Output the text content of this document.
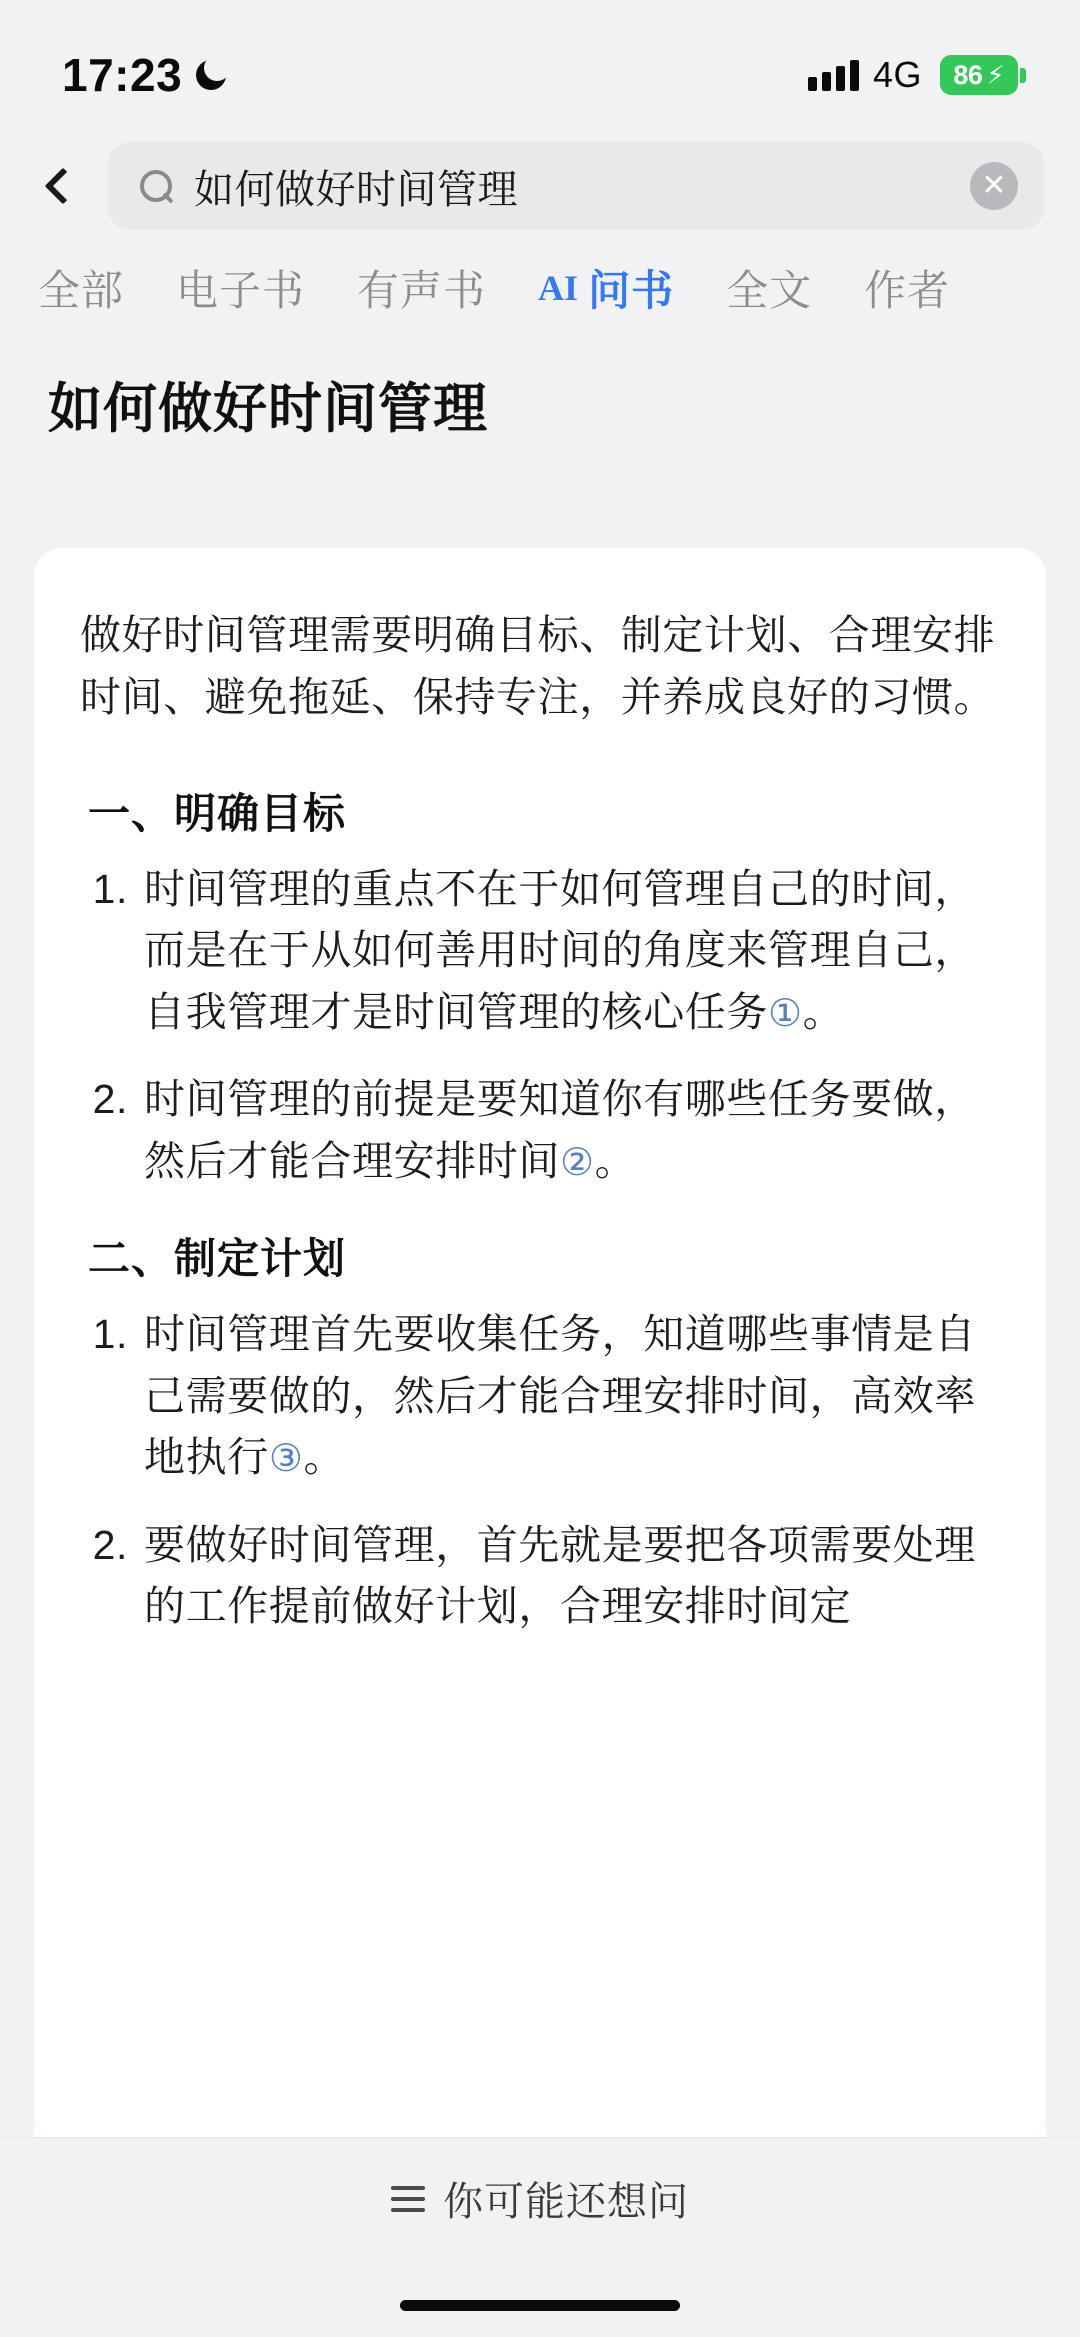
17:23	4G 86 ⚡
如何做好时间管理	✕
全部 电子书 有声书 AI 问书 全文 作者
如何做好时间管理
做好时间管理需要明确目标、制定计划、合理安排时间、避免拖延、保持专注，并养成良好的习惯。
一、明确目标
1. 时间管理的重点不在于如何管理自己的时间，而是在于从如何善用时间的角度来管理自己，自我管理才是时间管理的核心任务①。
2. 时间管理的前提是要知道你有哪些任务要做，然后才能合理安排时间②。
二、制定计划
1. 时间管理首先要收集任务，知道哪些事情是自己需要做的，然后才能合理安排时间，高效率地执行③。
2. 要做好时间管理，首先就是要把各项需要处理的工作提前做好计划，合理安排时间定
你可能还想问
